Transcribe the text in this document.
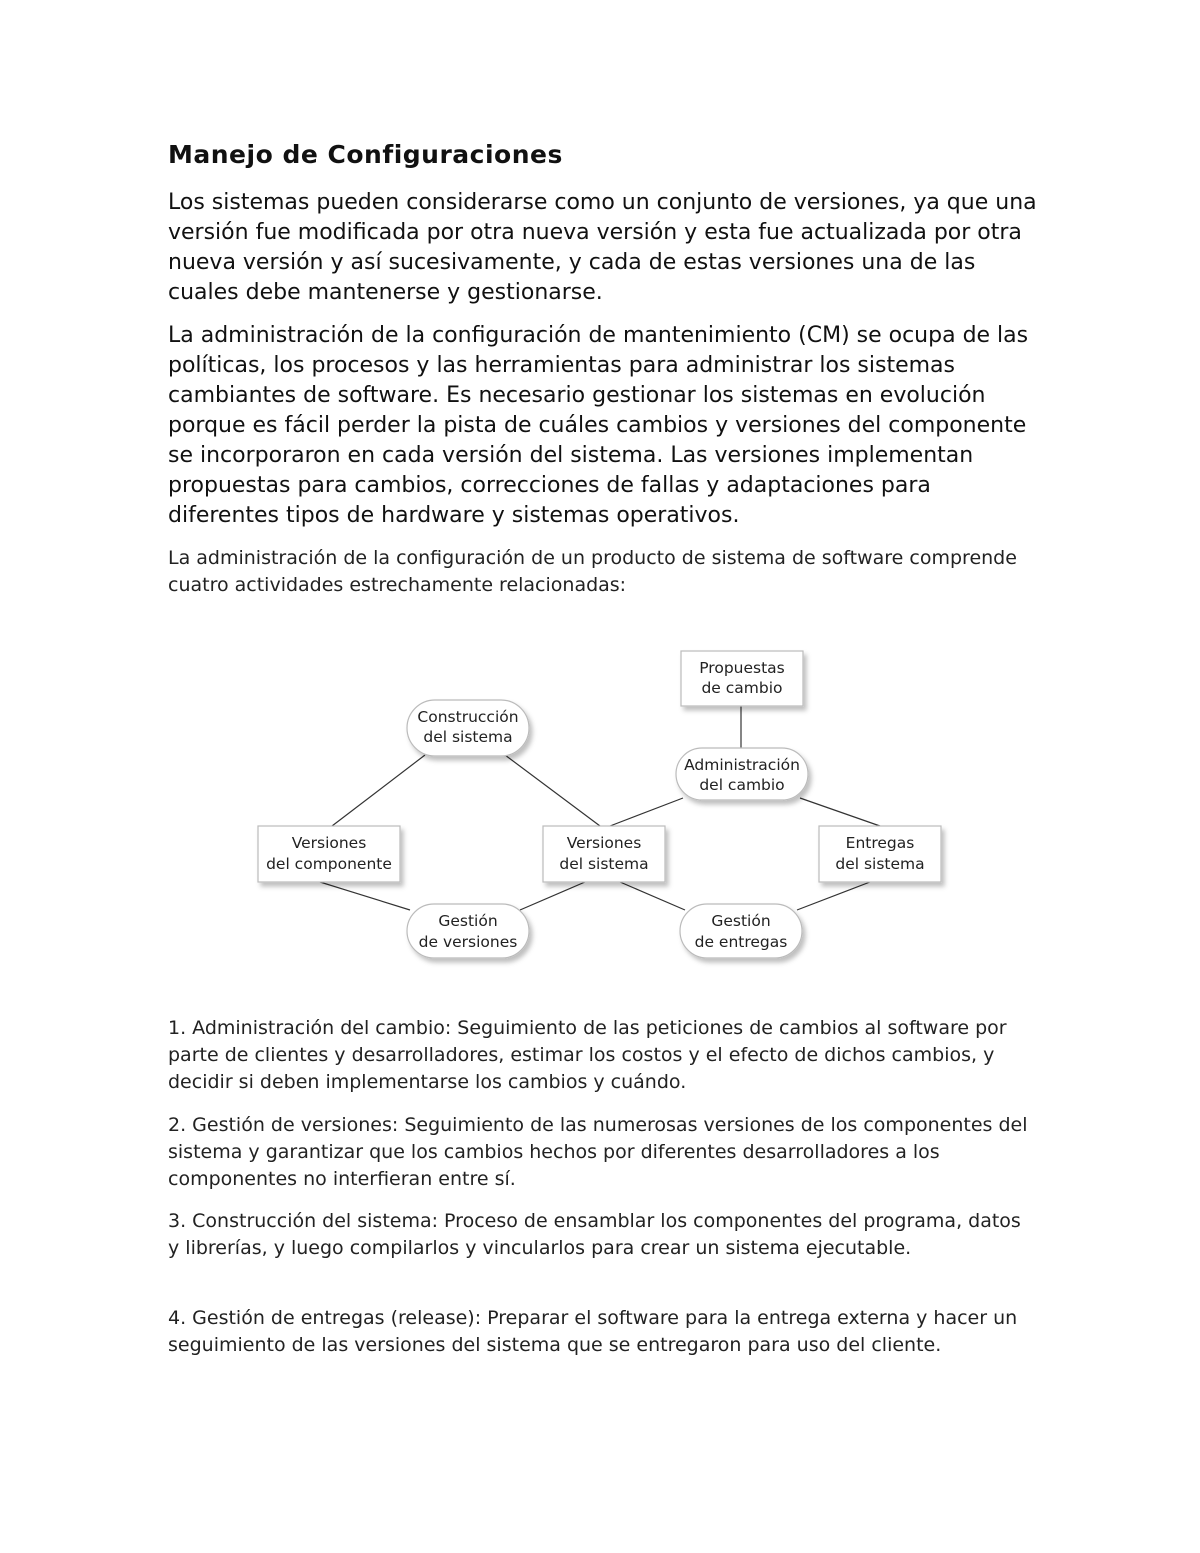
Manejo de Configuraciones

Los sistemas pueden considerarse como un conjunto de versiones, ya que una versión fue modificada por otra nueva versión y esta fue actualizada por otra nueva versión y así sucesivamente, y cada de estas versiones una de las cuales debe mantenerse y gestionarse.

La administración de la configuración de mantenimiento (CM) se ocupa de las políticas, los procesos y las herramientas para administrar los sistemas cambiantes de software. Es necesario gestionar los sistemas en evolución porque es fácil perder la pista de cuáles cambios y versiones del componente se incorporaron en cada versión del sistema. Las versiones implementan propuestas para cambios, correcciones de fallas y adaptaciones para diferentes tipos de hardware y sistemas operativos.

La administración de la configuración de un producto de sistema de software comprende cuatro actividades estrechamente relacionadas:

1. Administración del cambio: Seguimiento de las peticiones de cambios al software por parte de clientes y desarrolladores, estimar los costos y el efecto de dichos cambios, y decidir si deben implementarse los cambios y cuándo.

2. Gestión de versiones: Seguimiento de las numerosas versiones de los componentes del sistema y garantizar que los cambios hechos por diferentes desarrolladores a los componentes no interfieran entre sí.

3. Construcción del sistema: Proceso de ensamblar los componentes del programa, datos y librerías, y luego compilarlos y vincularlos para crear un sistema ejecutable.

4. Gestión de entregas (release): Preparar el software para la entrega externa y hacer un seguimiento de las versiones del sistema que se entregaron para uso del cliente.

Propuestas
de cambio
Construcción
del sistema
Administración
del cambio
Versiones
del componente
Versiones
del sistema
Entregas
del sistema
Gestión
de versiones
Gestión
de entregas
